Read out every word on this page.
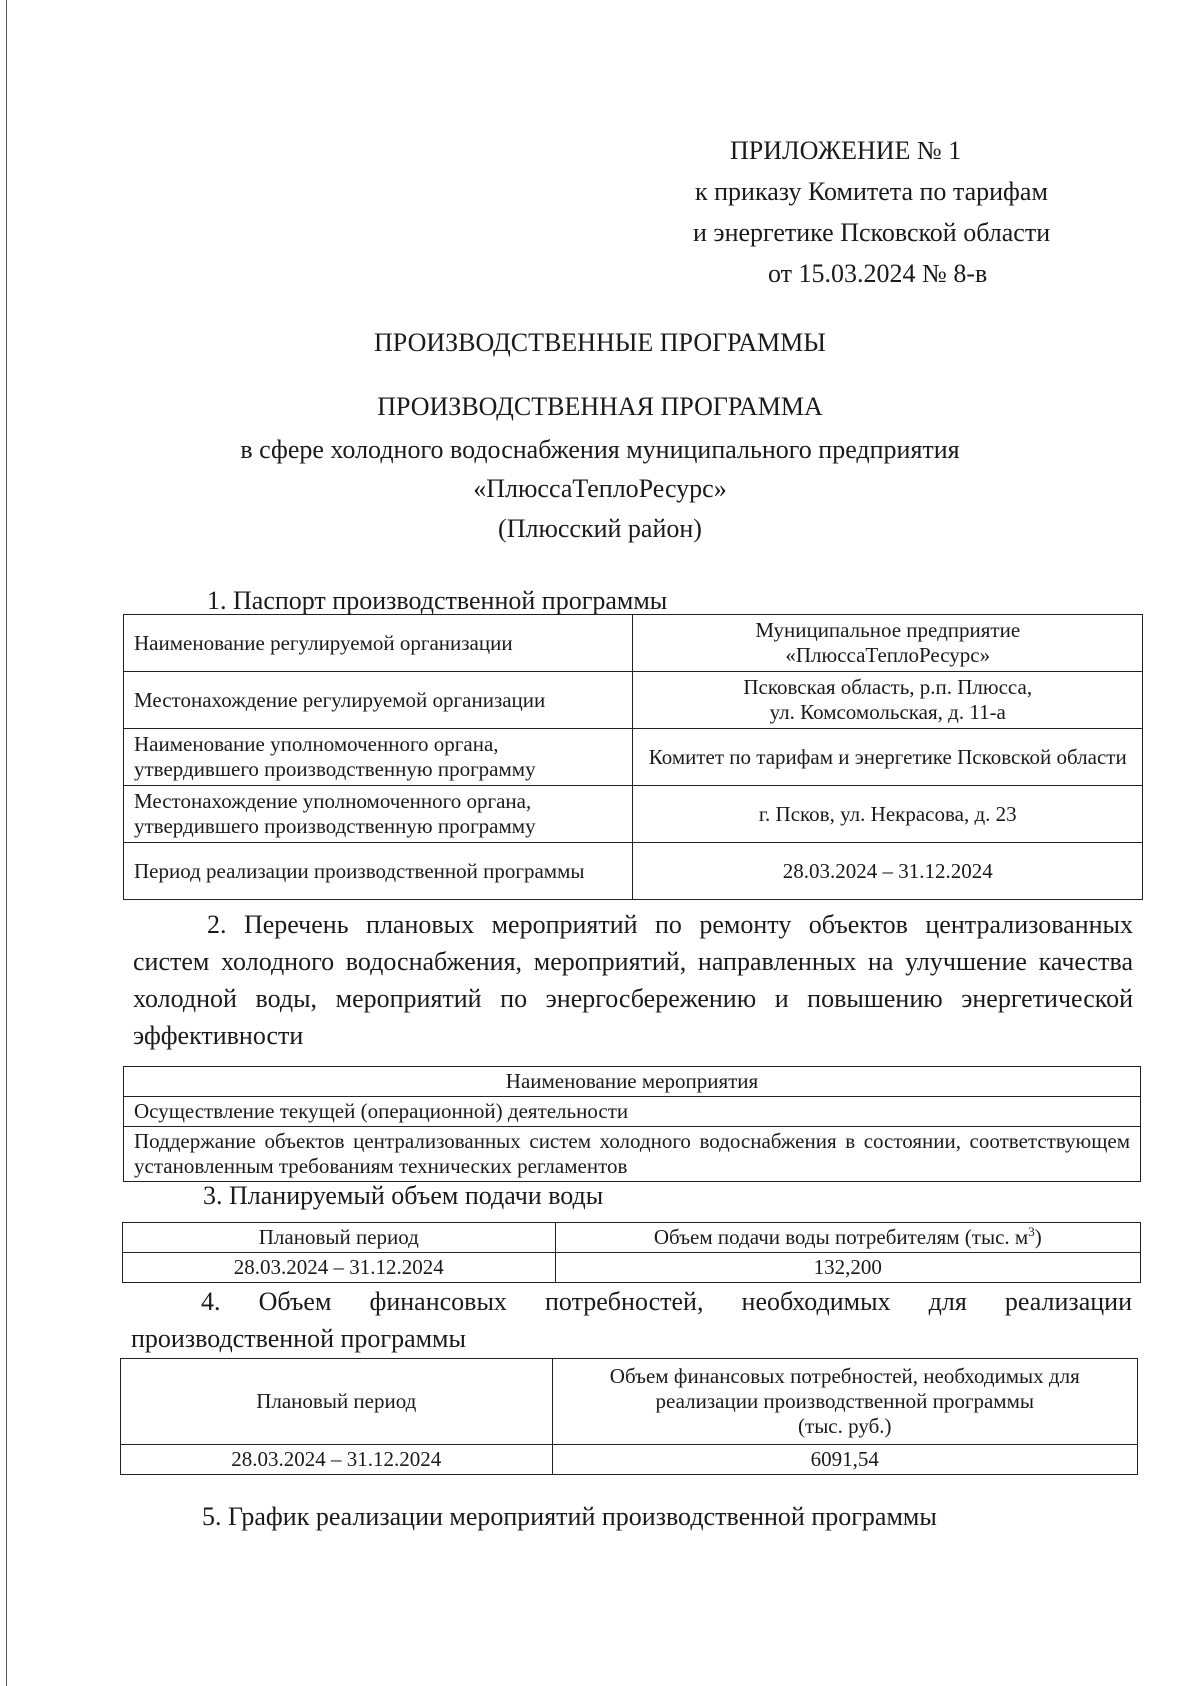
ПРИЛОЖЕНИЕ № 1
к приказу Комитета по тарифам
и энергетике Псковской области
от 15.03.2024 № 8-в
ПРОИЗВОДСТВЕННЫЕ ПРОГРАММЫ
ПРОИЗВОДСТВЕННАЯ ПРОГРАММА
в сфере холодного водоснабжения муниципального предприятия
«ПлюссаТеплоРесурс»
(Плюсский район)
1. Паспорт производственной программы
Наименование регулируемой организации	Муниципальное предприятие
«ПлюссаТеплоРесурс»

Местонахождение регулируемой организации	Псковская область, р.п. Плюсса,
ул. Комсомольская, д. 11-а

Наименование уполномоченного органа, утвердившего производственную программу	Комитет по тарифам и энергетике Псковской области
Местонахождение уполномоченного органа, утвердившего производственную программу	г. Псков, ул. Некрасова, д. 23
Период реализации производственной программы	28.03.2024 – 31.12.2024
2. Перечень плановых мероприятий по ремонту объектов централизованных систем холодного водоснабжения, мероприятий, направленных на улучшение качества холодной воды, мероприятий по энергосбережению и повышению энергетической эффективности
Наименование мероприятия
Осуществление текущей (операционной) деятельности
Поддержание объектов централизованных систем холодного водоснабжения в состоянии, соответствующем установленным требованиям технических регламентов
3. Планируемый объем подачи воды
Плановый период	Объем подачи воды потребителям (тыс. $м^3$)
28.03.2024 – 31.12.2024	132,200
4. Объем финансовых потребностей, необходимых для реализации производственной программы
Плановый период	Объем финансовых потребностей, необходимых для
реализации производственной программы
(тыс. руб.)

28.03.2024 – 31.12.2024	6091,54
5. График реализации мероприятий производственной программы
